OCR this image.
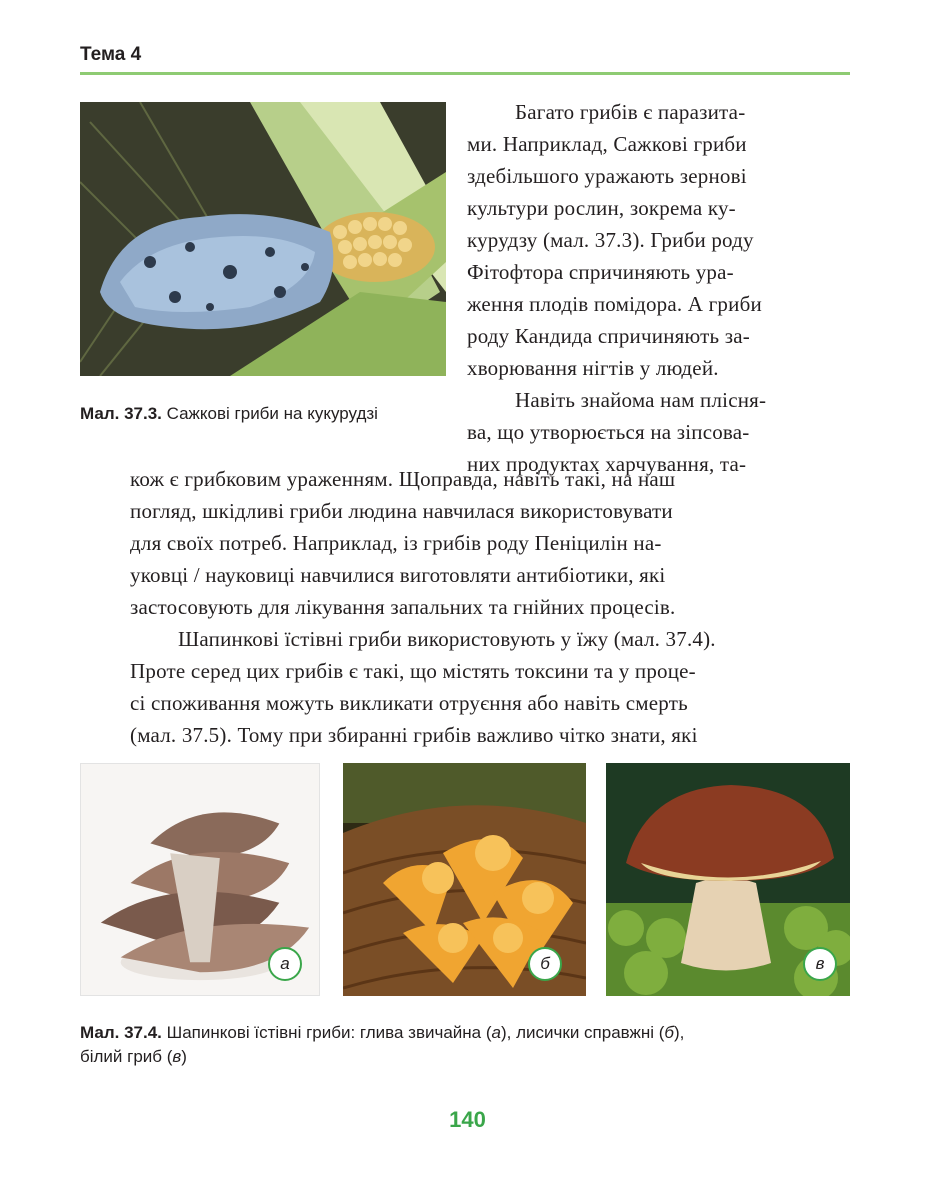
Тема 4

Багато грибів є паразита-
ми. Наприклад, Сажкові гриби
здебільшого уражають зернові
культури рослин, зокрема ку-
курудзу (мал. 37.3). Гриби роду
Фітофтора спричиняють ура-
ження плодів помідора. А гриби
роду Кандида спричиняють за-
хворювання нігтів у людей.
Навіть знайома нам плісня-
ва, що утворюється на зіпсова-
них продуктах харчування, та-

Мал. 37.3. Сажкові гриби на кукурудзі

кож є грибковим ураженням. Щоправда, навіть такі, на наш
погляд, шкідливі гриби людина навчилася використовувати
для своїх потреб. Наприклад, із грибів роду Пеніцилін на-
уковці / науковиці навчилися виготовляти антибіотики, які
застосовують для лікування запальних та гнійних процесів.
Шапинкові їстівні гриби використовують у їжу (мал. 37.4).
Проте серед цих грибів є такі, що містять токсини та у проце-
сі споживання можуть викликати отруєння або навіть смерть
(мал. 37.5). Тому при збиранні грибів важливо чітко знати, які

а	б	в
Мал. 37.4. Шапинкові їстівні гриби: глива звичайна (а), лисички справжні (б),
білий гриб (в)
140
